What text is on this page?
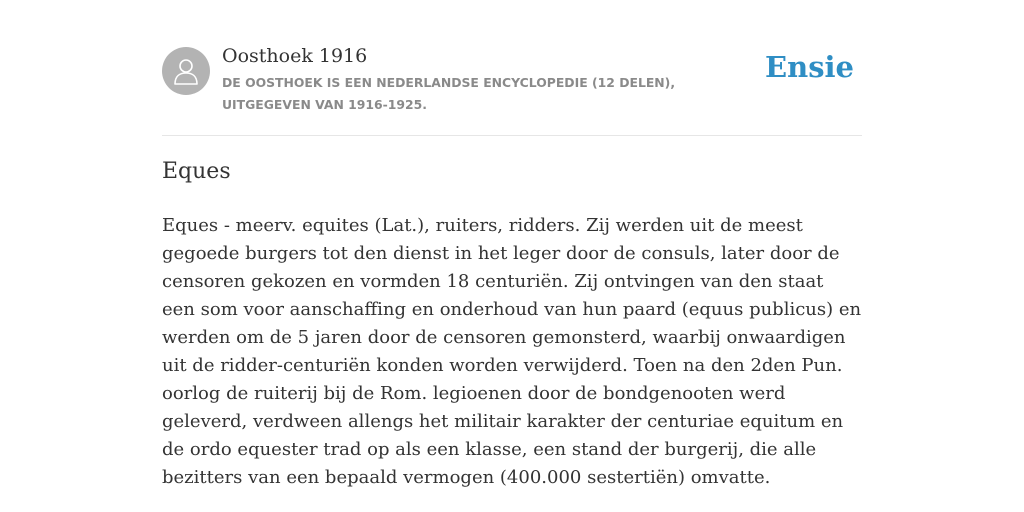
Oosthoek 1916
DE OOSTHOEK IS EEN NEDERLANDSE ENCYCLOPEDIE (12 DELEN), UITGEGEVEN VAN 1916-1925.
Ensie
Eques

Eques - meerv. equites (Lat.), ruiters, ridders. Zij werden uit de meest gegoede burgers tot den dienst in het leger door de consuls, later door de censoren gekozen en vormden 18 centuriën. Zij ontvingen van den staat een som voor aanschaffing en onderhoud van hun paard (equus publicus) en werden om de 5 jaren door de censoren gemonsterd, waarbij onwaardigen uit de ridder-centuriën konden worden verwijderd. Toen na den 2den Pun. oorlog de ruiterij bij de Rom. legioenen door de bondgenooten werd geleverd, verdween allengs het militair karakter der centuriae equitum en de ordo equester trad op als een klasse, een stand der burgerij, die alle bezitters van een bepaald vermogen (400.000 sestertiën) omvatte.
